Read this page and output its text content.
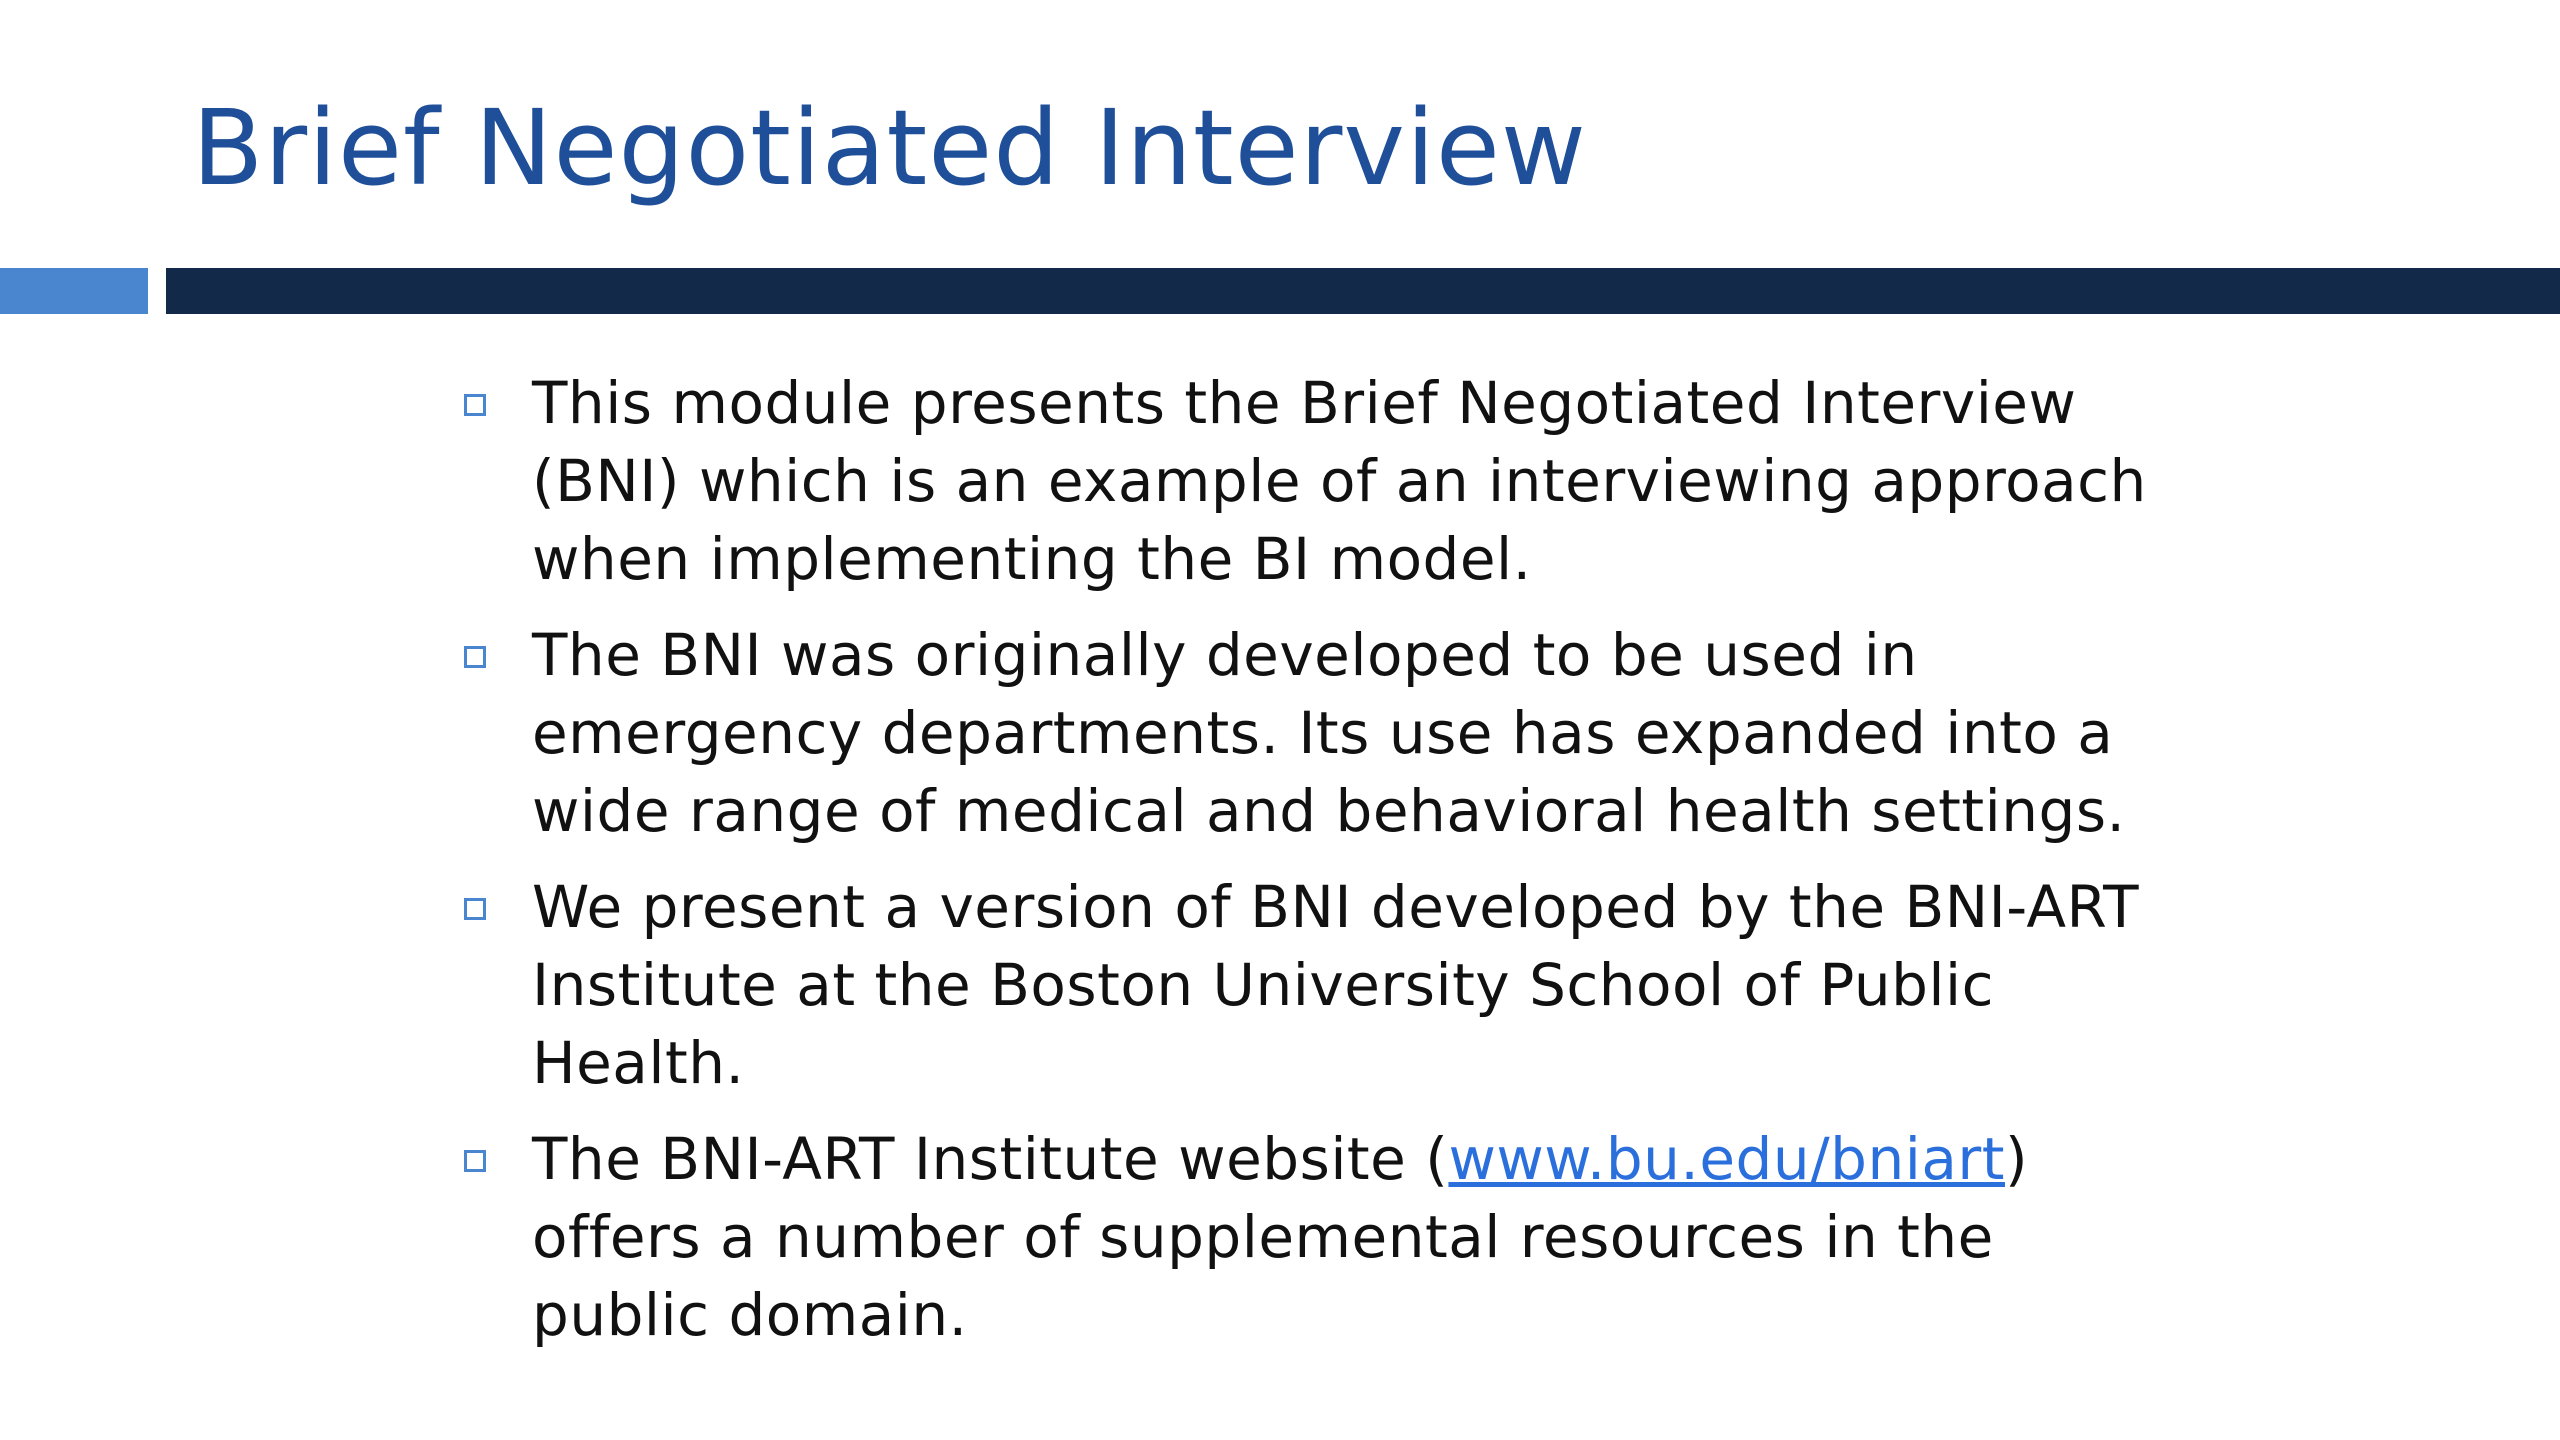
Brief Negotiated Interview
This module presents the Brief Negotiated Interview (BNI) which is an example of an interviewing approach when implementing the BI model.
The BNI was originally developed to be used in emergency departments. Its use has expanded into a wide range of medical and behavioral health settings.
We present a version of BNI developed by the BNI-ART Institute at the Boston University School of Public Health.
The BNI-ART Institute website (www.bu.edu/bniart) offers a number of supplemental resources in the public domain.
